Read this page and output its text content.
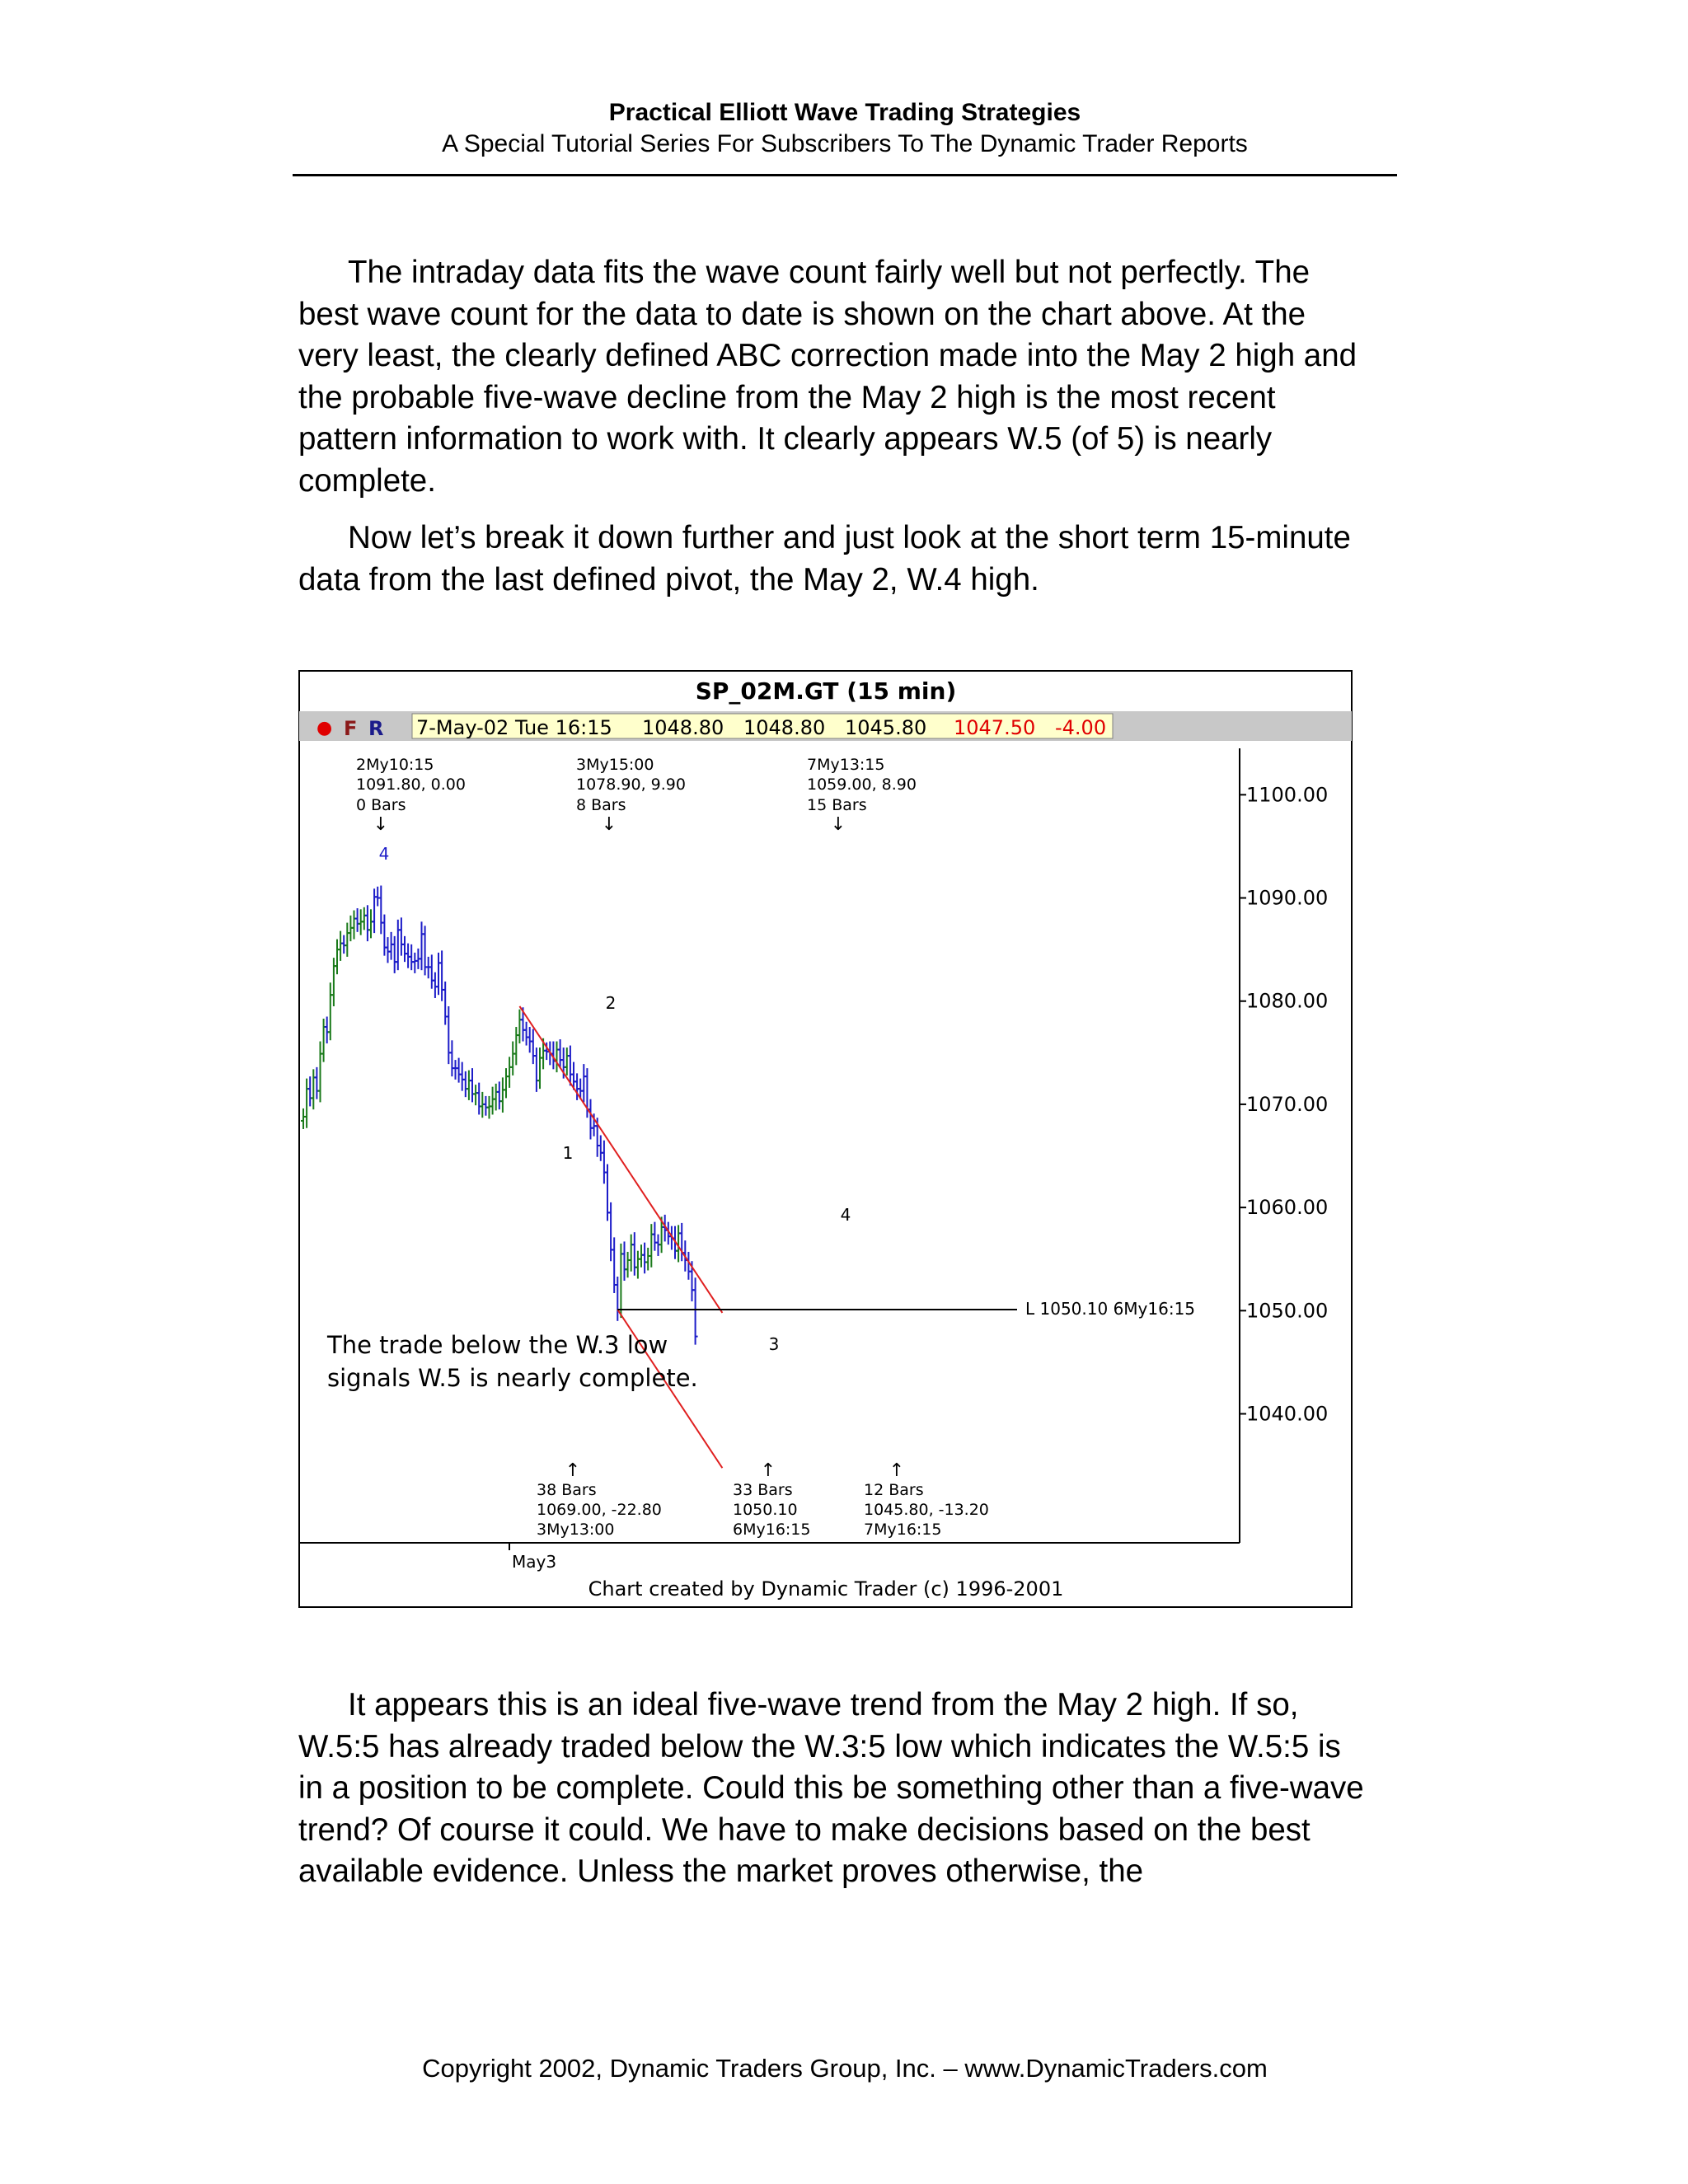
Practical Elliott Wave Trading Strategies
A Special Tutorial Series For Subscribers To The Dynamic Trader Reports

The intraday data fits the wave count fairly well but not perfectly. The best wave count for the data to date is shown on the chart above. At the very least, the clearly defined ABC correction made into the May 2 high and the probable five-wave decline from the May 2 high is the most recent pattern information to work with. It clearly appears W.5 (of 5) is nearly complete.

Now let’s break it down further and just look at the short term 15-minute data from the last defined pivot, the May 2, W.4 high.

SP_02M.GT (15 min)
● F R 7-May-02 Tue 16:15 1048.80 1048.80 1045.80 1047.50 -4.00
1100.00
1090.00
1080.00
1070.00
1060.00
1050.00
1040.00
L 1050.10 6My16:15
2My10:15
1091.80, 0.00
0 Bars
↓
3My15:00
1078.90, 9.90
8 Bars
↓
7My13:15
1059.00, 8.90
15 Bars
↓
4
2
1
4
3
The trade below the W.3 low
signals W.5 is nearly complete.
↑
38 Bars
1069.00, -22.80
3My13:00
↑
33 Bars
1050.10
6My16:15
↑
12 Bars
1045.80, -13.20
7My16:15
May3
Chart created by Dynamic Trader (c) 1996-2001

It appears this is an ideal five-wave trend from the May 2 high. If so, W.5:5 has already traded below the W.3:5 low which indicates the W.5:5 is in a position to be complete. Could this be something other than a five-wave trend? Of course it could. We have to make decisions based on the best available evidence. Unless the market proves otherwise, the

Copyright 2002, Dynamic Traders Group, Inc. – www.DynamicTraders.com
